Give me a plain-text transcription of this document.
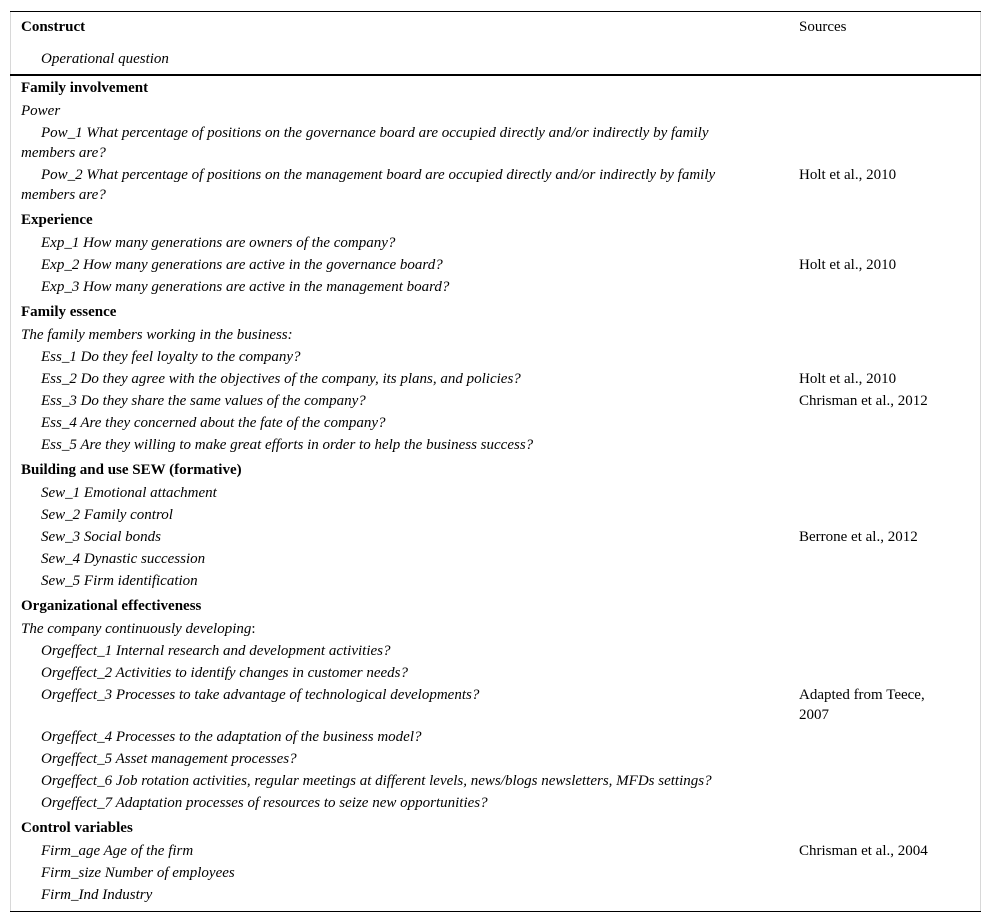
Construct	Sources
Operational question
Family involvement
Power
Pow_1 What percentage of positions on the governance board are occupied directly and/or indirectly by family
members are?
Pow_2 What percentage of positions on the management board are occupied directly and/or indirectly by family
members are?
Holt et al., 2010
Experience
Exp_1 How many generations are owners of the company?
Exp_2 How many generations are active in the governance board?
Exp_3 How many generations are active in the management board?
Holt et al., 2010
Family essence
The family members working in the business:
Ess_1 Do they feel loyalty to the company?
Ess_2 Do they agree with the objectives of the company, its plans, and policies?
Ess_3 Do they share the same values of the company?
Ess_4 Are they concerned about the fate of the company?
Ess_5 Are they willing to make great efforts in order to help the business success?
Holt et al., 2010
Chrisman et al., 2012
Building and use SEW (formative)
Sew_1 Emotional attachment
Sew_2 Family control
Sew_3 Social bonds
Sew_4 Dynastic succession
Sew_5 Firm identification
Berrone et al., 2012
Organizational effectiveness
The company continuously developing:
Orgeffect_1 Internal research and development activities?
Orgeffect_2 Activities to identify changes in customer needs?
Orgeffect_3 Processes to take advantage of technological developments?
Orgeffect_4 Processes to the adaptation of the business model?
Orgeffect_5 Asset management processes?
Orgeffect_6 Job rotation activities, regular meetings at different levels, news/blogs newsletters, MFDs settings?
Orgeffect_7 Adaptation processes of resources to seize new opportunities?
Adapted from Teece,
2007
Control variables
Firm_age Age of the firm
Firm_size Number of employees
Firm_Ind Industry
Chrisman et al., 2004
